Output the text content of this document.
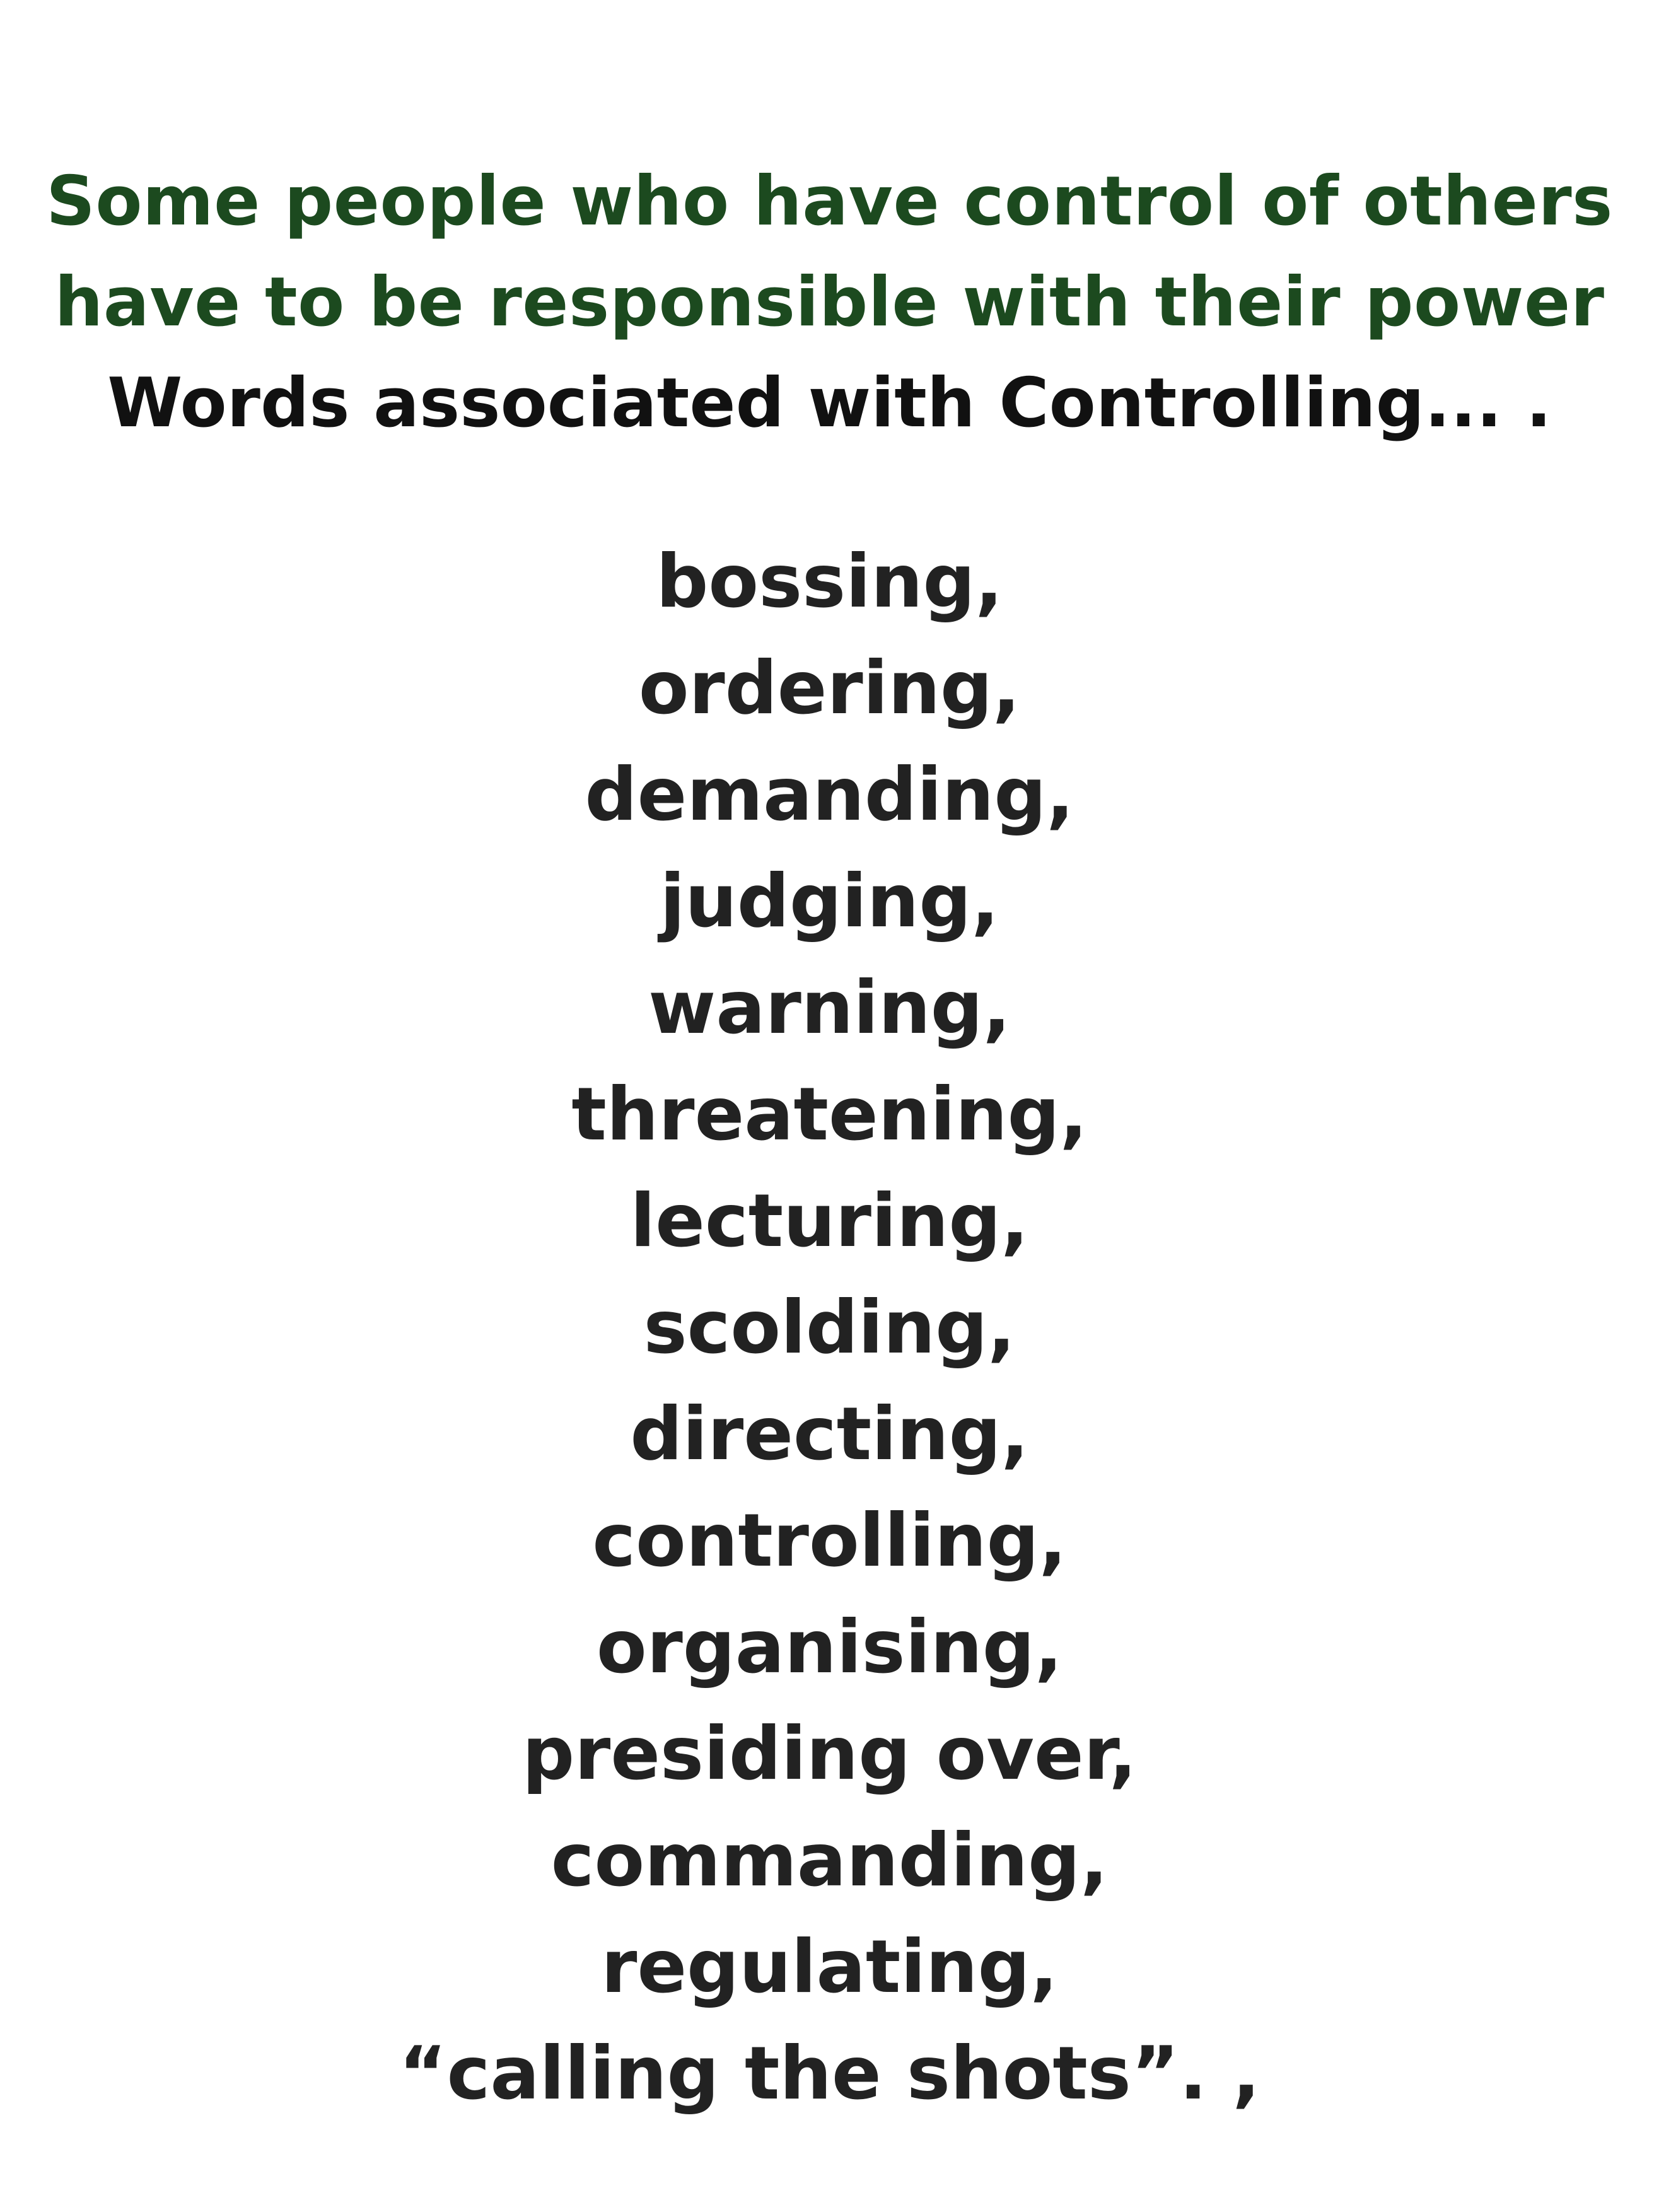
Some people who have control of others
have to be responsible with their power
Words associated with Controlling... .
bossing,
ordering,
demanding,
judging,
warning,
threatening,
lecturing,
scolding,
directing,
controlling,
organising,
presiding over,
commanding,
regulating,
“calling the shots”. ,
